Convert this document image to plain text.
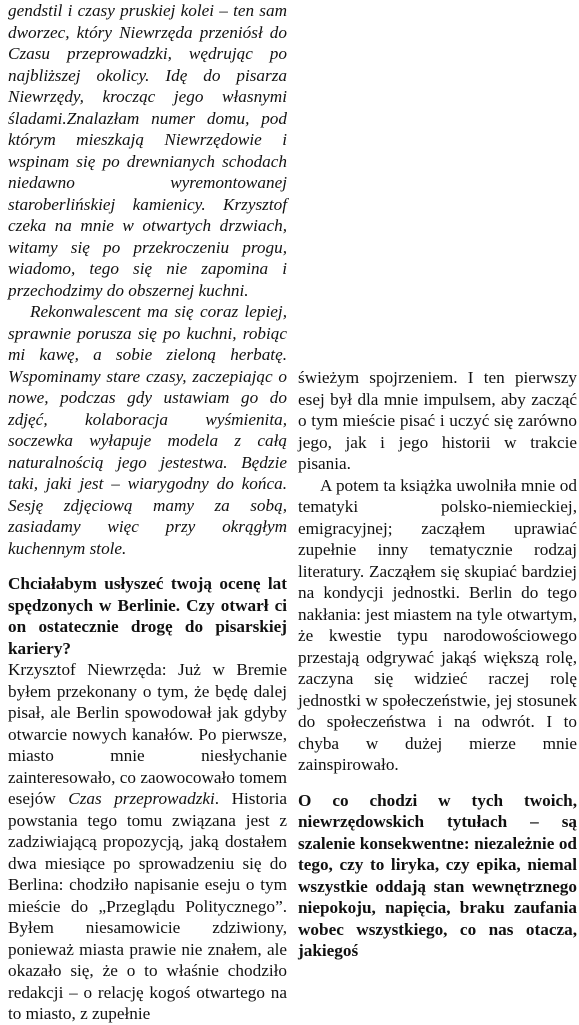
gendstil i czasy pruskiej kolei – ten sam dworzec, który Niewrzęda przeniósł do Czasu przeprowadzki, wędrując po najbliższej okolicy. Idę do pisarza Niewrzędy, krocząc jego własnymi śladami.Znalazłam numer domu, pod którym mieszkają Niewrzędowie i wspinam się po drewnianych schodach niedawno wyremontowanej staroberlińskiej kamienicy. Krzysztof czeka na mnie w otwartych drzwiach, witamy się po przekroczeniu progu, wiadomo, tego się nie zapomina i przechodzimy do obszernej kuchni.

Rekonwalescent ma się coraz lepiej, sprawnie porusza się po kuchni, robiąc mi kawę, a sobie zieloną herbatę. Wspominamy stare czasy, zaczepiając o nowe, podczas gdy ustawiam go do zdjęć, kolaboracja wyśmienita, soczewka wyłapuje modela z całą naturalnością jego jestestwa. Będzie taki, jaki jest – wiarygodny do końca. Sesję zdjęciową mamy za sobą, zasiadamy więc przy okrągłym kuchennym stole.

Chciałabym usłyszeć twoją ocenę lat spędzonych w Berlinie. Czy otwarł ci on ostatecznie drogę do pisarskiej kariery?

Krzysztof Niewrzęda: Już w Bremie byłem przekonany o tym, że będę dalej pisał, ale Berlin spowodował jak gdyby otwarcie nowych kanałów. Po pierwsze, miasto mnie niesłychanie zainteresowało, co zaowocowało tomem esejów Czas przeprowadzki. Historia powstania tego tomu związana jest z zadziwiającą propozycją, jaką dostałem dwa miesiące po sprowadzeniu się do Berlina: chodziło napisanie eseju o tym mieście do „Przeglądu Politycznego”. Byłem niesamowicie zdziwiony, ponieważ miasta prawie nie znałem, ale okazało się, że o to właśnie chodziło redakcji – o relację kogoś otwartego na to miasto, z zupełnie

świeżym spojrzeniem. I ten pierwszy esej był dla mnie impulsem, aby zacząć o tym mieście pisać i uczyć się zarówno jego, jak i jego historii w trakcie pisania.

A potem ta książka uwolniła mnie od tematyki polsko-niemieckiej, emigracyjnej; zacząłem uprawiać zupełnie inny tematycznie rodzaj literatury. Zacząłem się skupiać bardziej na kondycji jednostki. Berlin do tego nakłania: jest miastem na tyle otwartym, że kwestie typu narodowościowego przestają odgrywać jakąś większą rolę, zaczyna się widzieć raczej rolę jednostki w społeczeństwie, jej stosunek do społeczeństwa i na odwrót. I to chyba w dużej mierze mnie zainspirowało.

O co chodzi w tych twoich, niewrzędowskich tytułach – są szalenie konsekwentne: niezależnie od tego, czy to liryka, czy epika, niemal wszystkie oddają stan wewnętrznego niepokoju, napięcia, braku zaufania wobec wszystkiego, co nas otacza, jakiegoś
